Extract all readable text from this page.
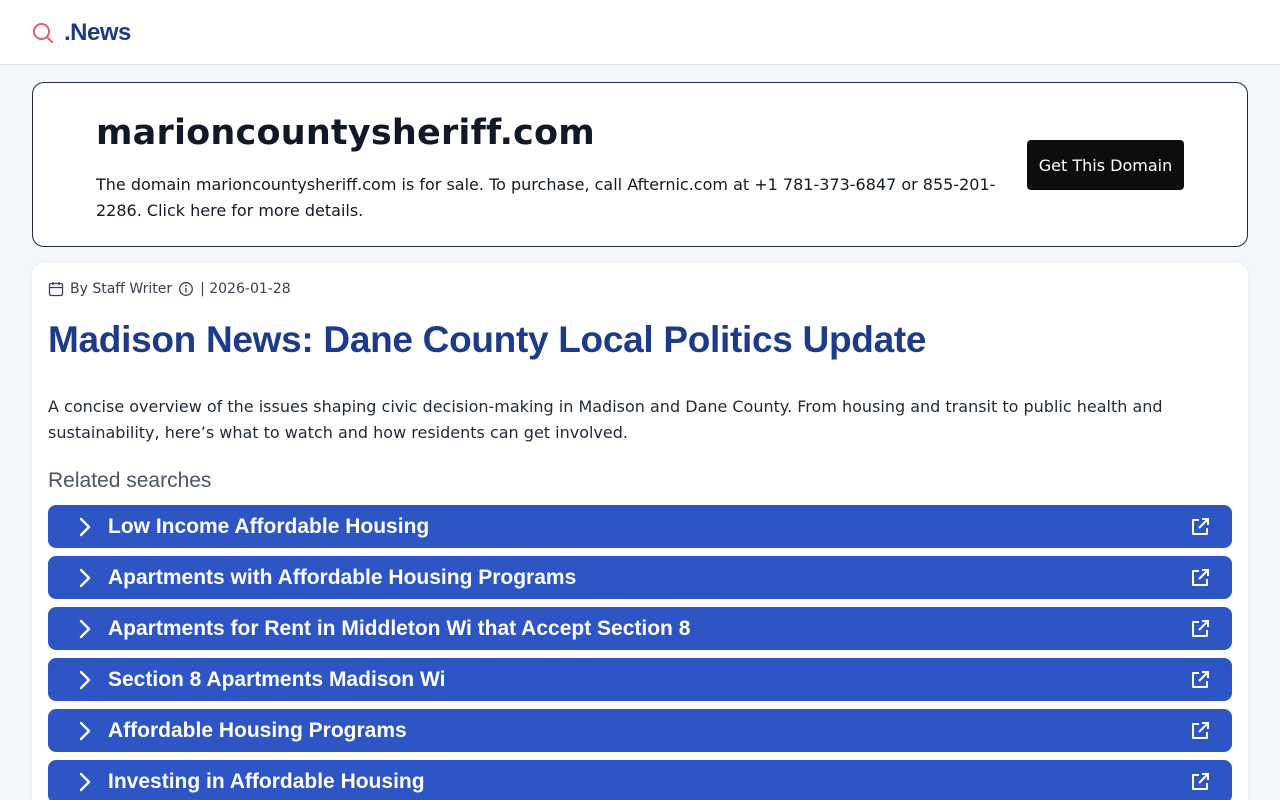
.News
marioncountysheriff.com
The domain marioncountysheriff.com is for sale. To purchase, call Afternic.com at +1 781-373-6847 or 855-201-2286. Click here for more details.
Get This Domain
By Staff Writer | 2026-01-28
Madison News: Dane County Local Politics Update

A concise overview of the issues shaping civic decision-making in Madison and Dane County. From housing and transit to public health and sustainability, here’s what to watch and how residents can get involved.

Related searches
Low Income Affordable Housing
Apartments with Affordable Housing Programs
Apartments for Rent in Middleton Wi that Accept Section 8
Section 8 Apartments Madison Wi
Affordable Housing Programs
Investing in Affordable Housing
